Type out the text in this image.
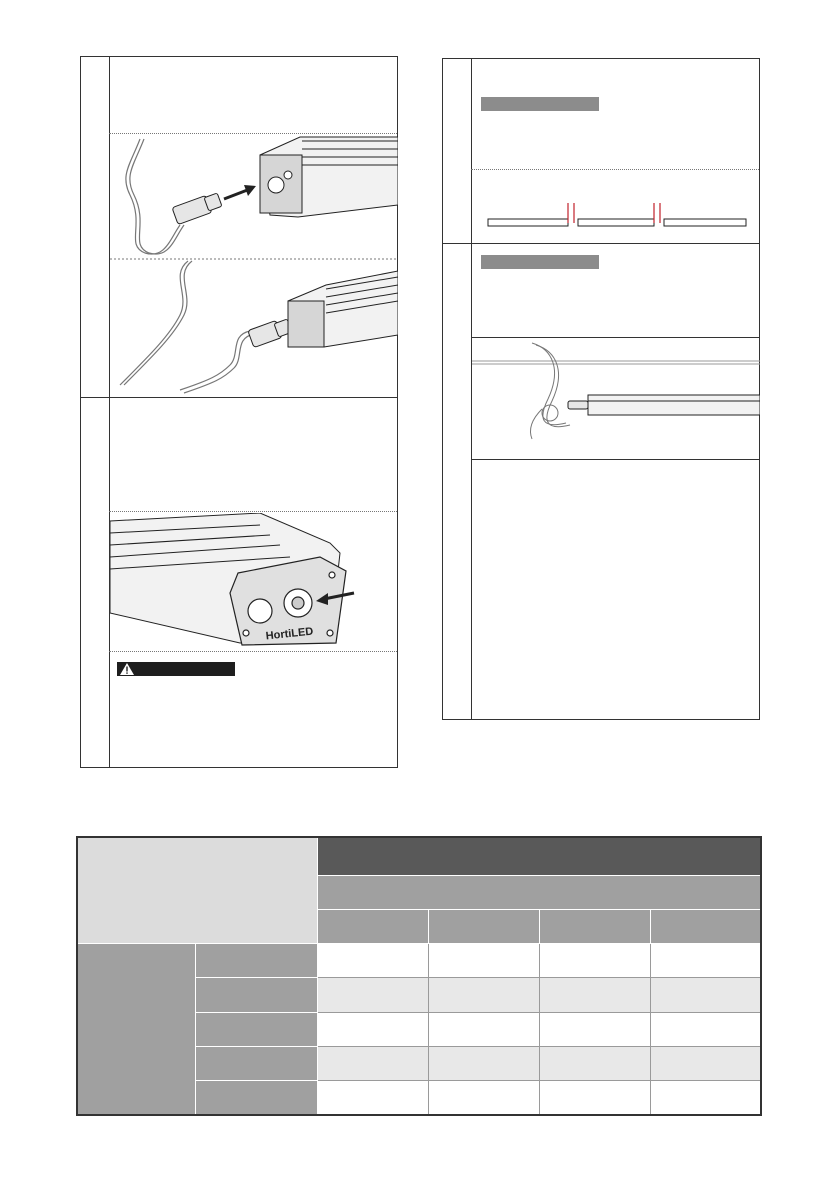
HortiLED
